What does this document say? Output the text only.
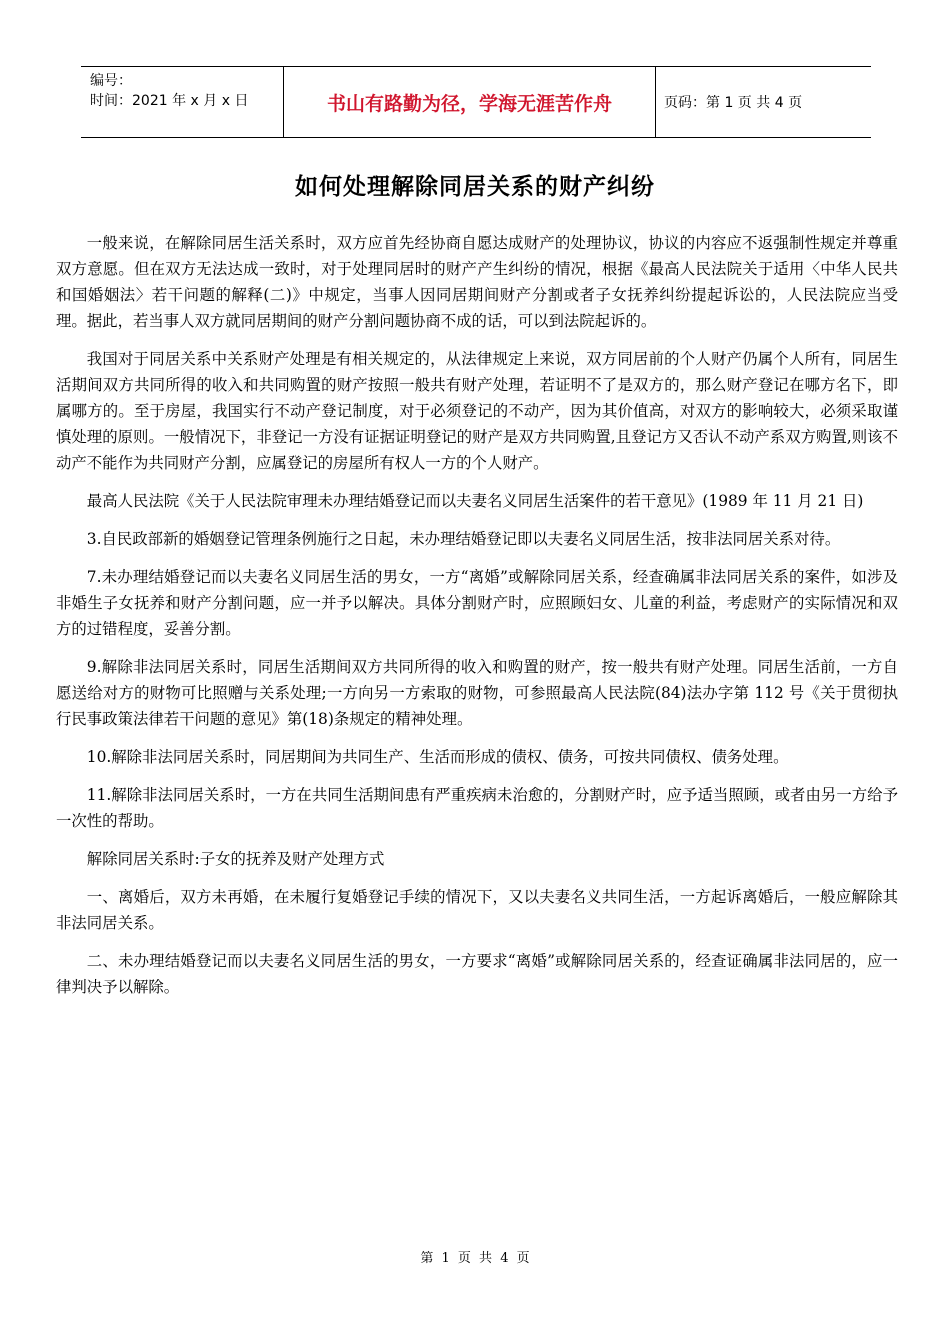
编号：
时间：2021 年 x 月 x 日	书山有路勤为径，学海无涯苦作舟	页码：第 1 页 共 4 页
如何处理解除同居关系的财产纠纷

一般来说，在解除同居生活关系时，双方应首先经协商自愿达成财产的处理协议，协议的内容应不返强制性规定并尊重双方意愿。但在双方无法达成一致时，对于处理同居时的财产产生纠纷的情况，根据《最高人民法院关于适用〈中华人民共和国婚姻法〉若干问题的解释(二)》中规定，当事人因同居期间财产分割或者子女抚养纠纷提起诉讼的，人民法院应当受理。据此，若当事人双方就同居期间的财产分割问题协商不成的话，可以到法院起诉的。

我国对于同居关系中关系财产处理是有相关规定的，从法律规定上来说，双方同居前的个人财产仍属个人所有，同居生活期间双方共同所得的收入和共同购置的财产按照一般共有财产处理，若证明不了是双方的，那么财产登记在哪方名下，即属哪方的。至于房屋，我国实行不动产登记制度，对于必须登记的不动产，因为其价值高，对双方的影响较大，必须采取谨慎处理的原则。一般情况下，非登记一方没有证据证明登记的财产是双方共同购置,且登记方又否认不动产系双方购置,则该不动产不能作为共同财产分割，应属登记的房屋所有权人一方的个人财产。

最高人民法院《关于人民法院审理未办理结婚登记而以夫妻名义同居生活案件的若干意见》(1989 年 11 月 21 日)

3.自民政部新的婚姻登记管理条例施行之日起，未办理结婚登记即以夫妻名义同居生活，按非法同居关系对待。

7.未办理结婚登记而以夫妻名义同居生活的男女，一方“离婚”或解除同居关系，经查确属非法同居关系的案件，如涉及非婚生子女抚养和财产分割问题，应一并予以解决。具体分割财产时，应照顾妇女、儿童的利益，考虑财产的实际情况和双方的过错程度，妥善分割。

9.解除非法同居关系时，同居生活期间双方共同所得的收入和购置的财产，按一般共有财产处理。同居生活前，一方自愿送给对方的财物可比照赠与关系处理;一方向另一方索取的财物，可参照最高人民法院(84)法办字第 112 号《关于贯彻执行民事政策法律若干问题的意见》第(18)条规定的精神处理。

10.解除非法同居关系时，同居期间为共同生产、生活而形成的债权、债务，可按共同债权、债务处理。

11.解除非法同居关系时，一方在共同生活期间患有严重疾病未治愈的，分割财产时，应予适当照顾，或者由另一方给予一次性的帮助。

解除同居关系时:子女的抚养及财产处理方式

一、离婚后，双方未再婚，在未履行复婚登记手续的情况下，又以夫妻名义共同生活，一方起诉离婚后，一般应解除其非法同居关系。

二、未办理结婚登记而以夫妻名义同居生活的男女，一方要求“离婚”或解除同居关系的，经查证确属非法同居的，应一律判决予以解除。

第 1 页 共 4 页
